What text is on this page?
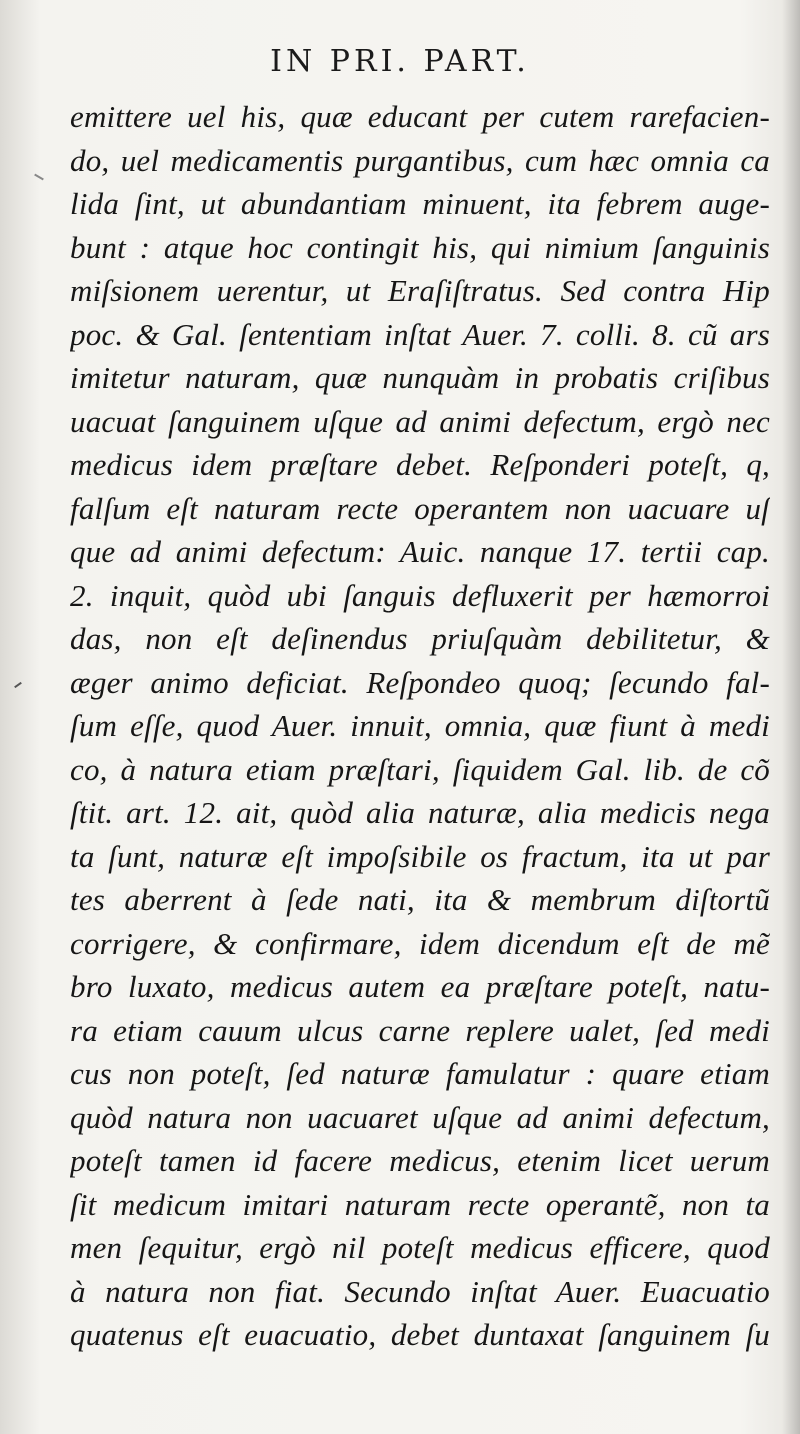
IN PRI. PART.
emittere uel his, quæ educant per cutem rarefacien-
do, uel medicamentis purgantibus, cum hæc omnia ca
lida ſint, ut abundantiam minuent, ita febrem auge-
bunt : atque hoc contingit his, qui nimium ſanguinis
miſsionem uerentur, ut Eraſiſtratus. Sed contra Hip
poc. & Gal. ſententiam inſtat Auer. 7. colli. 8. cũ ars
imitetur naturam, quæ nunquàm in probatis criſibus
uacuat ſanguinem uſque ad animi defectum, ergò nec
medicus idem præſtare debet. Reſponderi poteſt, q,
falſum eſt naturam recte operantem non uacuare uſ
que ad animi defectum: Auic. nanque 17. tertii cap.
2. inquit, quòd ubi ſanguis defluxerit per hæmorroi
das, non eſt deſinendus priuſquàm debilitetur, &
æger animo deficiat. Reſpondeo quoq; ſecundo fal-
ſum eſſe, quod Auer. innuit, omnia, quæ fiunt à medi
co, à natura etiam præſtari, ſiquidem Gal. lib. de cõ
ſtit. art. 12. ait, quòd alia naturæ, alia medicis nega
ta ſunt, naturæ eſt impoſsibile os fractum, ita ut par
tes aberrent à ſede nati, ita & membrum diſtortũ
corrigere, & confirmare, idem dicendum eſt de mẽ
bro luxato, medicus autem ea præſtare poteſt, natu-
ra etiam cauum ulcus carne replere ualet, ſed medi
cus non poteſt, ſed naturæ famulatur : quare etiam
quòd natura non uacuaret uſque ad animi defectum,
poteſt tamen id facere medicus, etenim licet uerum
ſit medicum imitari naturam recte operantẽ, non ta
men ſequitur, ergò nil poteſt medicus efficere, quod
à natura non fiat. Secundo inſtat Auer. Euacuatio
quatenus eſt euacuatio, debet duntaxat ſanguinem ſu
